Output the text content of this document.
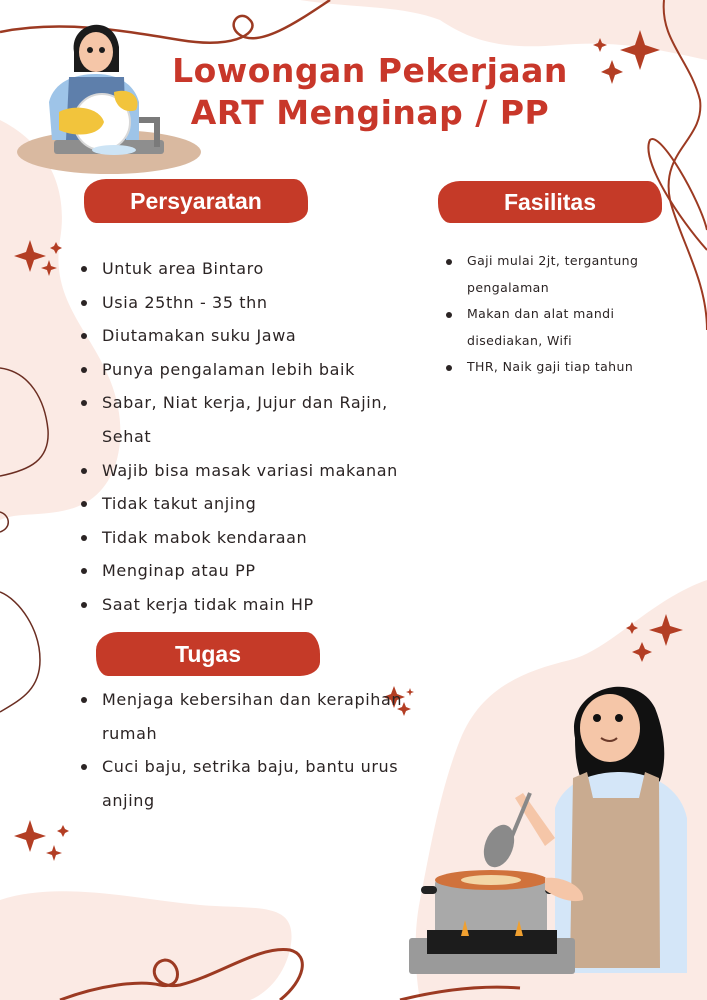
Lowongan Pekerjaan
ART Menginap / PP
Persyaratan	Fasilitas
Tugas
Untuk area Bintaro
Usia 25thn - 35 thn
Diutamakan suku Jawa
Punya pengalaman lebih baik
Sabar, Niat kerja, Jujur dan Rajin, Sehat
Wajib bisa masak variasi makanan
Tidak takut anjing
Tidak mabok kendaraan
Menginap atau PP
Saat kerja tidak main HP
Gaji mulai 2jt, tergantung pengalaman
Makan dan alat mandi disediakan, Wifi
THR, Naik gaji tiap tahun
Menjaga kebersihan dan kerapihan rumah
Cuci baju, setrika baju, bantu urus anjing
